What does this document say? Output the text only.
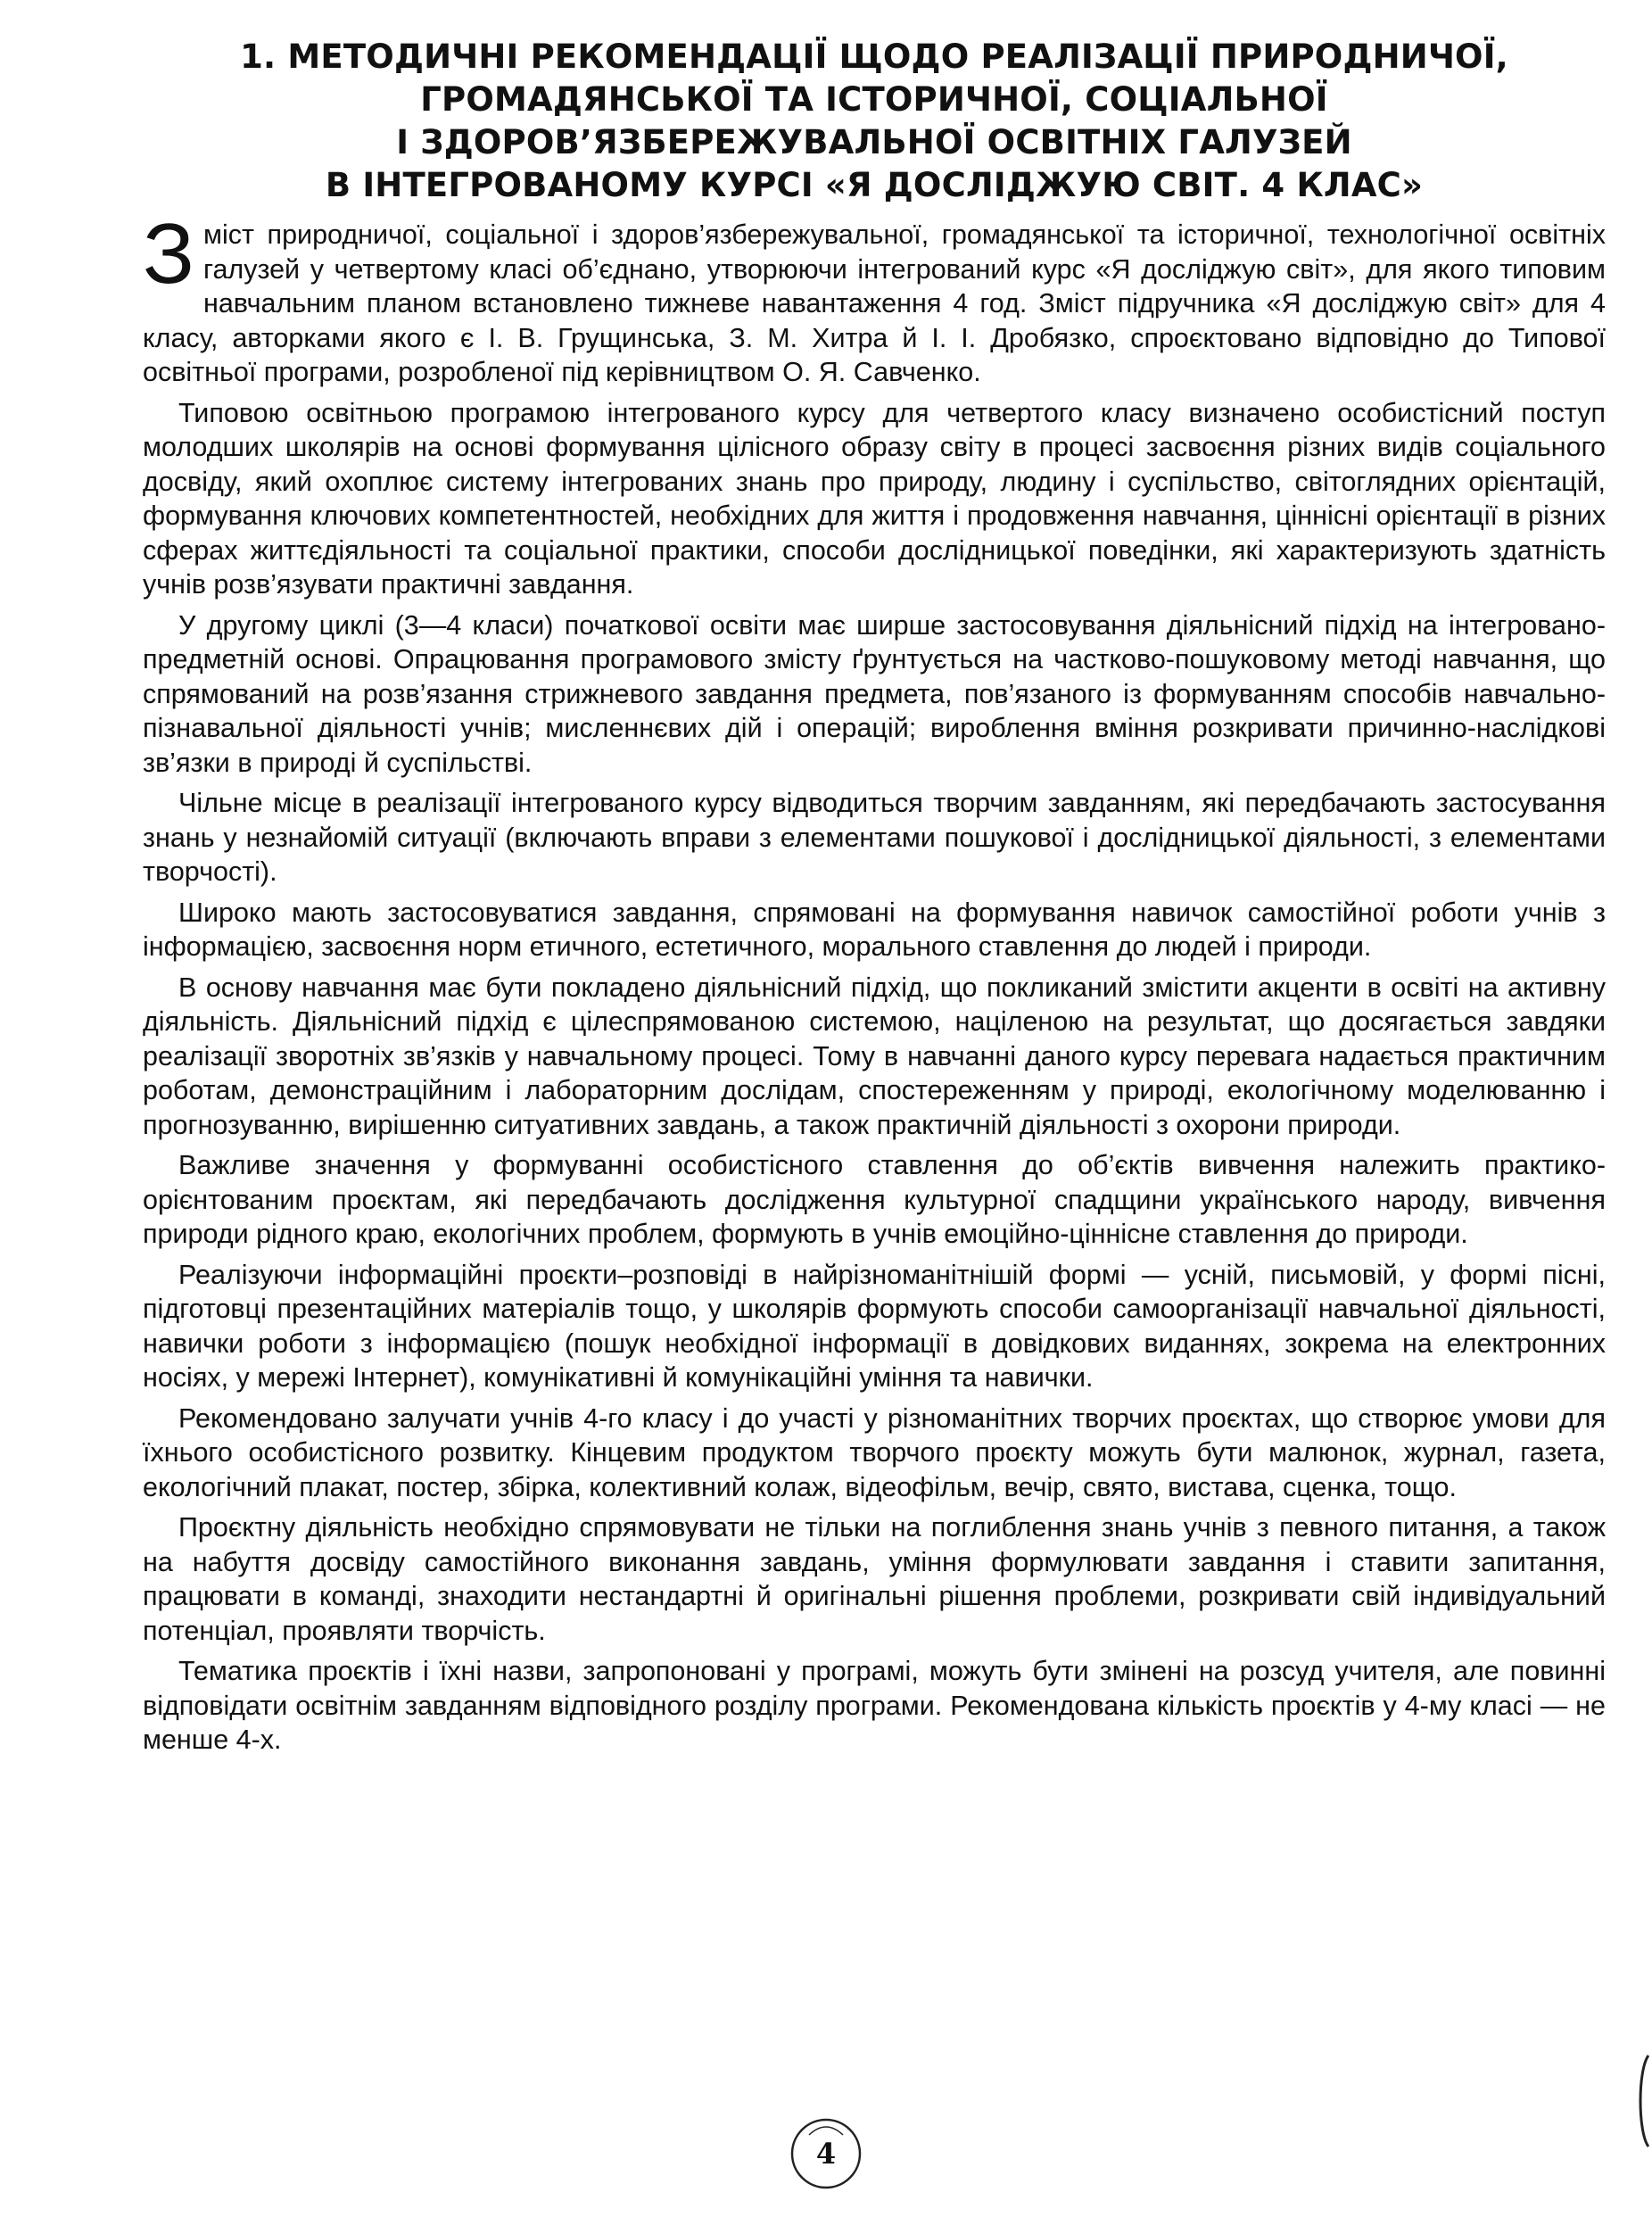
1. МЕТОДИЧНІ РЕКОМЕНДАЦІЇ ЩОДО РЕАЛІЗАЦІЇ ПРИРОДНИЧОЇ,
ГРОМАДЯНСЬКОЇ ТА ІСТОРИЧНОЇ, СОЦІАЛЬНОЇ
І ЗДОРОВ’ЯЗБЕРЕЖУВАЛЬНОЇ ОСВІТНІХ ГАЛУЗЕЙ
В ІНТЕГРОВАНОМУ КУРСІ «Я ДОСЛІДЖУЮ СВІТ. 4 КЛАС»

Зміст природничої, соціальної і здоров’язбережувальної, громадянської та історичної, технологічної освітніх галузей у четвертому класі об’єднано, утворюючи інтегрований курс «Я досліджую світ», для якого типовим навчальним планом встановлено тижневе навантаження 4 год. Зміст підручника «Я досліджую світ» для 4 класу, авторками якого є І. В. Грущинська, З. М. Хитра й І. І. Дробязко, спроєктовано відповідно до Типової освітньої програми, розробленої під керівництвом О. Я. Савченко.

Типовою освітньою програмою інтегрованого курсу для четвертого класу визначено особистісний поступ молодших школярів на основі формування цілісного образу світу в процесі засвоєння різних видів соціального досвіду, який охоплює систему інтегрованих знань про природу, людину і суспільство, світоглядних орієнтацій, формування ключових компетентностей, необхідних для життя і продовження навчання, ціннісні орієнтації в різних сферах життєдіяльності та соціальної практики, способи дослідницької поведінки, які характеризують здатність учнів розв’язувати практичні завдання.

У другому циклі (3—4 класи) початкової освіти має ширше застосовування діяльнісний підхід на інтегровано-предметній основі. Опрацювання програмового змісту ґрунтується на частково-пошуковому методі навчання, що спрямований на розв’язання стрижневого завдання предмета, пов’язаного із формуванням способів навчально-пізнавальної діяльності учнів; мисленнєвих дій і операцій; вироблення вміння розкривати причинно-наслідкові зв’язки в природі й суспільстві.

Чільне місце в реалізації інтегрованого курсу відводиться творчим завданням, які передбачають застосування знань у незнайомій ситуації (включають вправи з елементами пошукової і дослідницької діяльності, з елементами творчості).

Широко мають застосовуватися завдання, спрямовані на формування навичок самостійної роботи учнів з інформацією, засвоєння норм етичного, естетичного, морального ставлення до людей і природи.

В основу навчання має бути покладено діяльнісний підхід, що покликаний змістити акценти в освіті на активну діяльність. Діяльнісний підхід є цілеспрямованою системою, націленою на результат, що досягається завдяки реалізації зворотніх зв’язків у навчальному процесі. Тому в навчанні даного курсу перевага надається практичним роботам, демонстраційним і лабораторним дослідам, спостереженням у природі, екологічному моделюванню і прогнозуванню, вирішенню ситуативних завдань, а також практичній діяльності з охорони природи.

Важливе значення у формуванні особистісного ставлення до об’єктів вивчення належить практико-орієнтованим проєктам, які передбачають дослідження культурної спадщини українського народу, вивчення природи рідного краю, екологічних проблем, формують в учнів емоційно-ціннісне ставлення до природи.

Реалізуючи інформаційні проєкти–розповіді в найрізноманітнішій формі — усній, письмовій, у формі пісні, підготовці презентаційних матеріалів тощо, у школярів формують способи самоорганізації навчальної діяльності, навички роботи з інформацією (пошук необхідної інформації в довідкових виданнях, зокрема на електронних носіях, у мережі Інтернет), комунікативні й комунікаційні уміння та навички.

Рекомендовано залучати учнів 4-го класу і до участі у різноманітних творчих проєктах, що створює умови для їхнього особистісного розвитку. Кінцевим продуктом творчого проєкту можуть бути малюнок, журнал, газета, екологічний плакат, постер, збірка, колективний колаж, відеофільм, вечір, свято, вистава, сценка, тощо.

Проєктну діяльність необхідно спрямовувати не тільки на поглиблення знань учнів з певного питання, а також на набуття досвіду самостійного виконання завдань, уміння формулювати завдання і ставити запитання, працювати в команді, знаходити нестандартні й оригінальні рішення проблеми, розкривати свій індивідуальний потенціал, проявляти творчість.

Тематика проєктів і їхні назви, запропоновані у програмі, можуть бути змінені на розсуд учителя, але повинні відповідати освітнім завданням відповідного розділу програми. Рекомендована кількість проєктів у 4-му класі — не менше 4-х.

4
